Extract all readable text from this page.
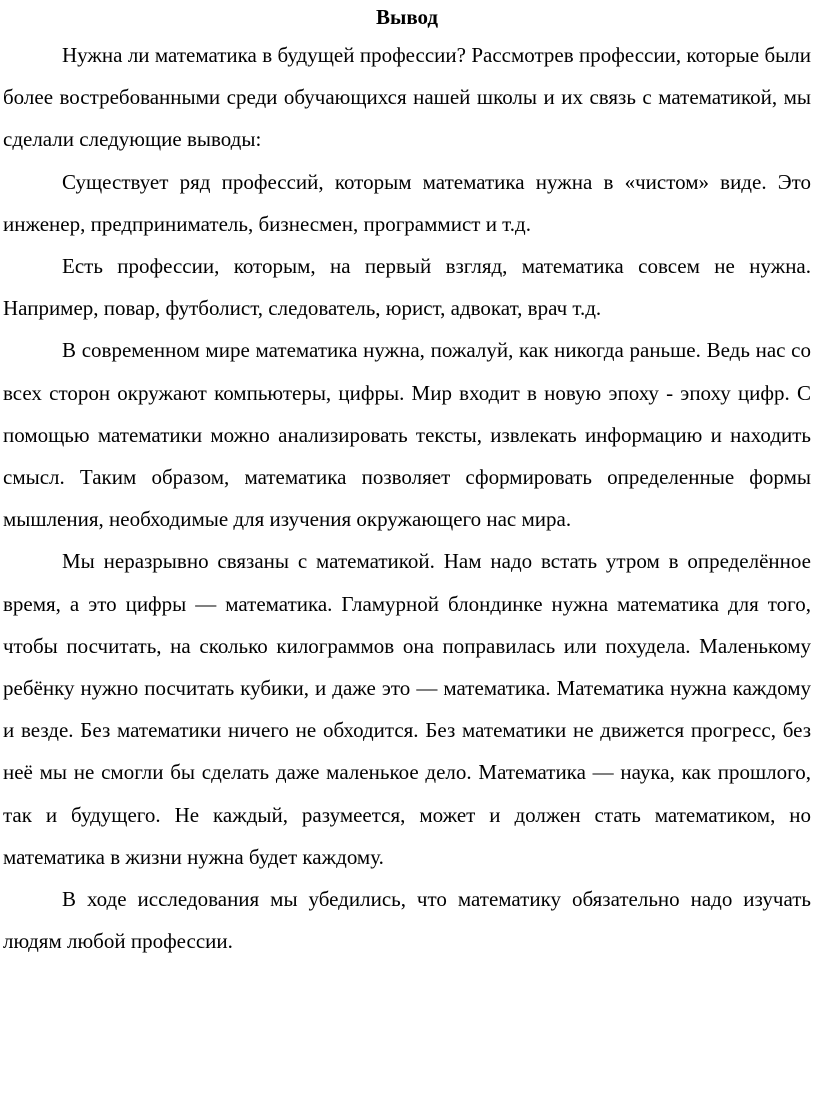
Вывод

Нужна ли математика в будущей профессии? Рассмотрев профессии, которые были более востребованными среди обучающихся нашей школы и их связь с математикой, мы сделали следующие выводы:

Существует ряд профессий, которым математика нужна в «чистом» виде. Это инженер, предприниматель, бизнесмен, программист и т.д.

Есть профессии, которым, на первый взгляд, математика совсем не нужна. Например, повар, футболист, следователь, юрист, адвокат, врач т.д.

В современном мире математика нужна, пожалуй, как никогда раньше. Ведь нас со всех сторон окружают компьютеры, цифры. Мир входит в новую эпоху - эпоху цифр. С помощью математики можно анализировать тексты, извлекать информацию и находить смысл. Таким образом, математика позволяет сформировать определенные формы мышления, необходимые для изучения окружающего нас мира.

Мы неразрывно связаны с математикой. Нам надо встать утром в определённое время, а это цифры — математика. Гламурной блондинке нужна математика для того, чтобы посчитать, на сколько килограммов она поправилась или похудела. Маленькому ребёнку нужно посчитать кубики, и даже это — математика. Математика нужна каждому и везде. Без математики ничего не обходится. Без математики не движется прогресс, без неё мы не смогли бы сделать даже маленькое дело. Математика — наука, как прошлого, так и будущего. Не каждый, разумеется, может и должен стать математиком, но математика в жизни нужна будет каждому.

В ходе исследования мы убедились, что математику обязательно надо изучать людям любой профессии.
